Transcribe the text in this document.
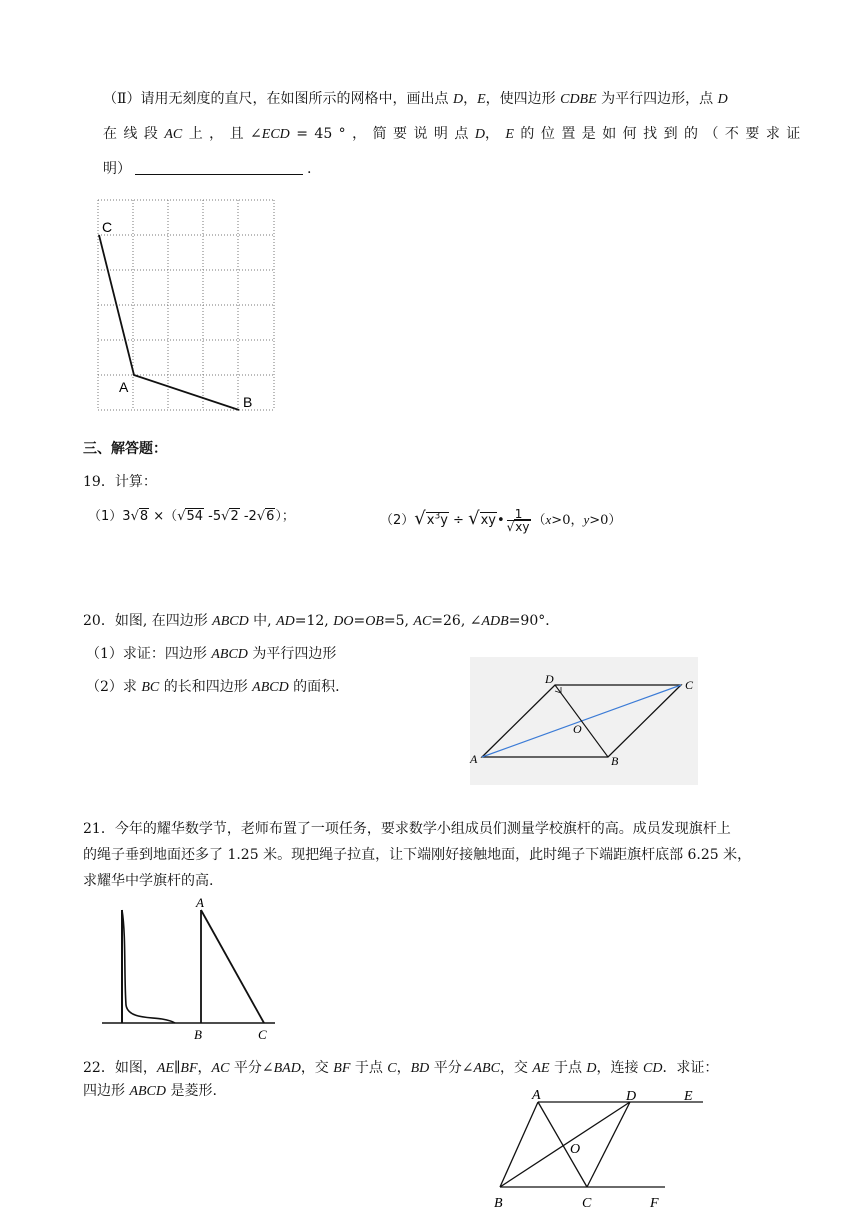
（Ⅱ）请用无刻度的直尺，在如图所示的网格中，画出点 D，E，使四边形 CDBE 为平行四边形，点 D
在 线 段 AC 上 ， 且 ∠ECD = 45 ° ， 简 要 说 明 点 D， E 的 位 置 是 如 何 找 到 的 （ 不 要 求 证
明）	.
C
A
B
三、解答题：
19．计算：
（1）3√8 ×（√54 -5√2 -2√6）；	$(2)√x^3y$ ÷ √xy• $\frac{1}{√xy} (x>0$，y>0）
20．如图, 在四边形 ABCD 中, AD=12, DO=OB=5, AC=26, ∠ADB=90°．
（1）求证：四边形 ABCD 为平行四边形
（2）求 BC 的长和四边形 ABCD 的面积.
A	B
C
D
O
21．今年的耀华数学节，老师布置了一项任务，要求数学小组成员们测量学校旗杆的高。成员发现旗杆上
的绳子垂到地面还多了 1.25 米。现把绳子拉直，让下端刚好接触地面，此时绳子下端距旗杆底部 6.25 米，
求耀华中学旗杆的高.
A
B	C
22．如图，AE∥BF，AC 平分∠BAD，交 BF 于点 C，BD 平分∠ABC，交 AE 于点 D，连接 CD．求证：
四边形 ABCD 是菱形.	A	D	E
O
B	C	F
